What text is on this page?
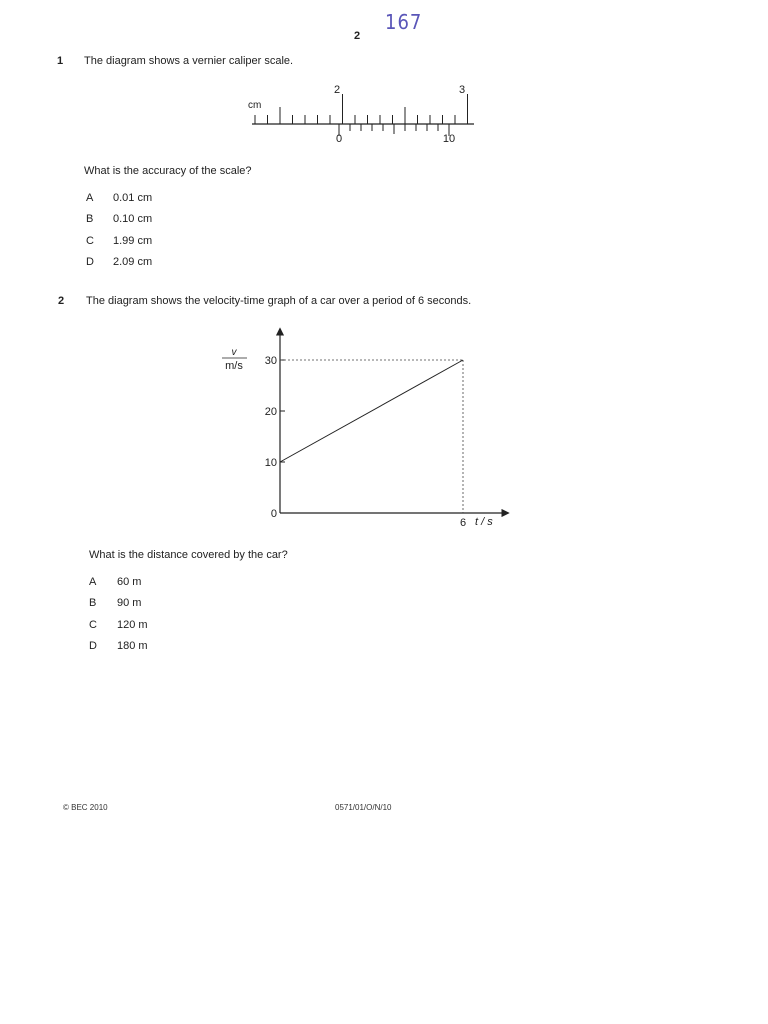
2
167
1 The diagram shows a vernier caliper scale.
cm
2	3
0	10
What is the accuracy of the scale?
A 0.01 cm
B 0.10 cm
C 1.99 cm
D 2.09 cm
2 The diagram shows the velocity-time graph of a car over a period of 6 seconds.
v
m/s
t / s
0
10
20
30
6
What is the distance covered by the car?
A 60 m
B 90 m
C 120 m
D 180 m
© BEC 2010	0571/01/O/N/10
